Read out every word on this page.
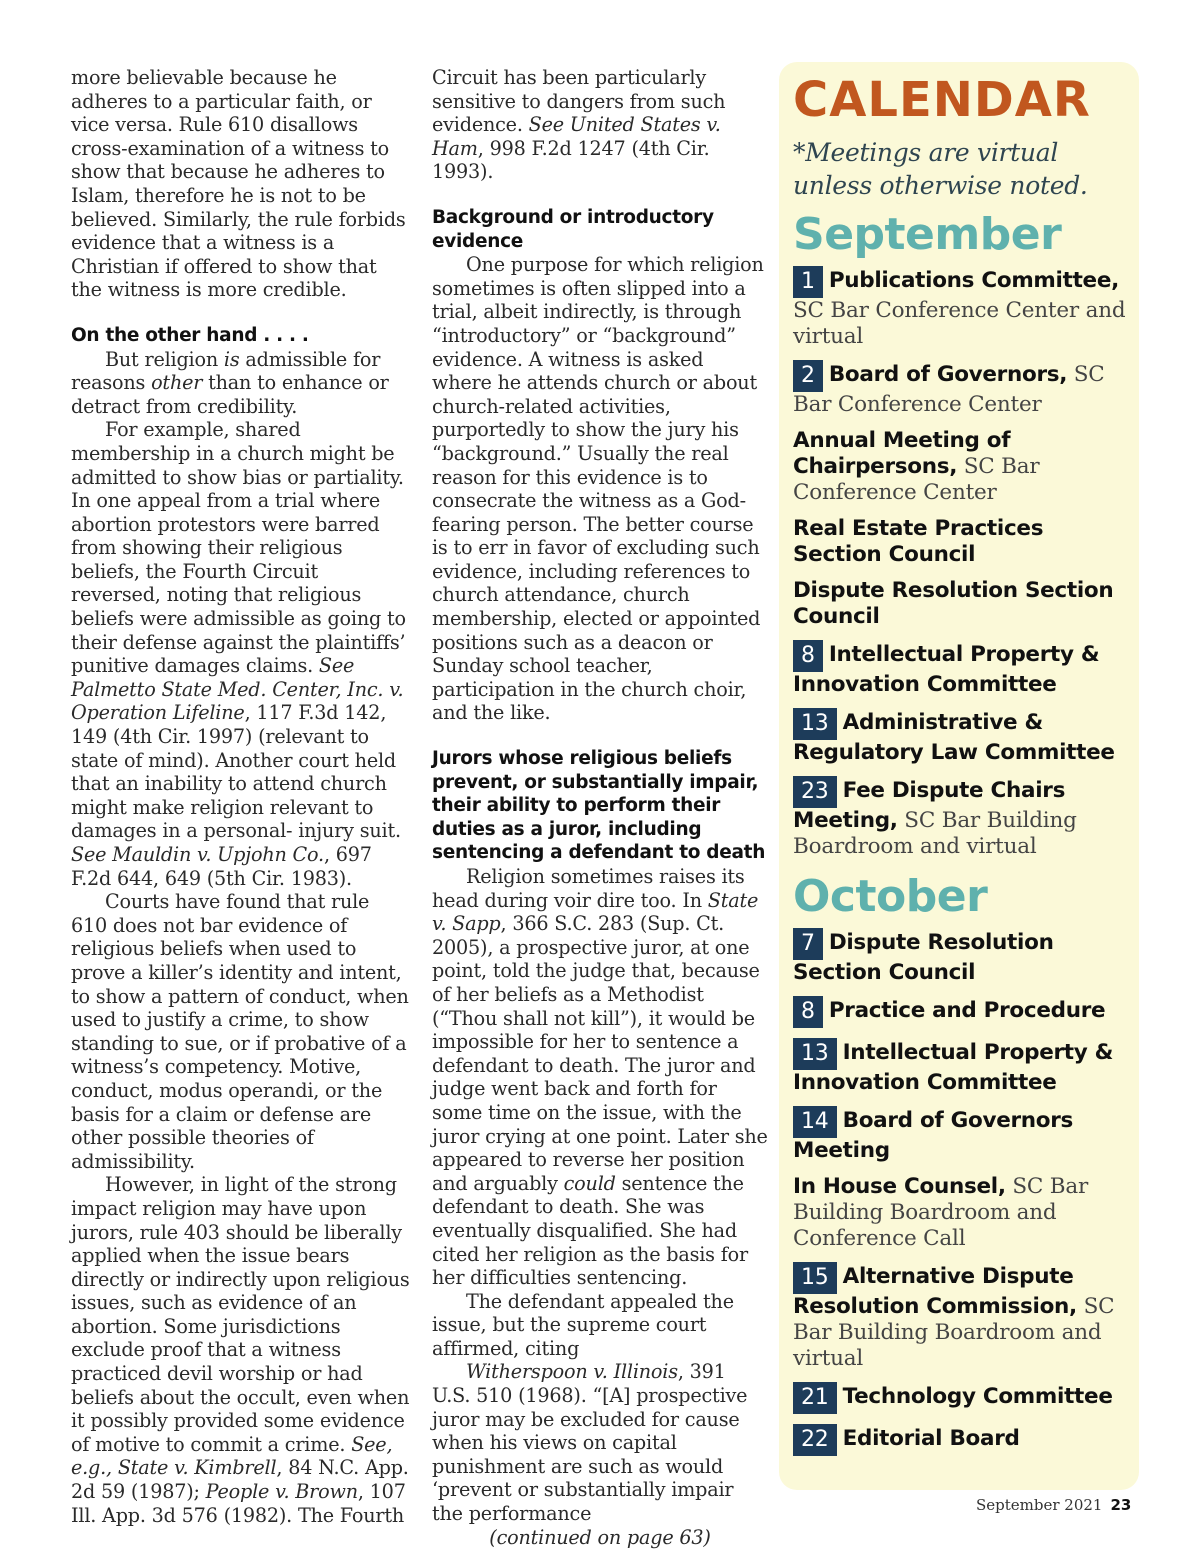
more believable because he adheres to a particular faith, or vice versa. Rule 610 disallows cross-examination of a witness to show that because he adheres to Islam, therefore he is not to be believed. Similarly, the rule forbids evidence that a witness is a Christian if offered to show that the witness is more credible.

On the other hand . . . .

But religion is admissible for reasons other than to enhance or detract from credibility.

For example, shared membership in a church might be admitted to show bias or partiality. In one appeal from a trial where abortion protestors were barred from showing their religious beliefs, the Fourth Circuit reversed, noting that religious beliefs were admissible as going to their defense against the plaintiffs’ punitive damages claims. See Palmetto State Med. Center, Inc. v. Operation Lifeline, 117 F.3d 142, 149 (4th Cir. 1997) (relevant to state of mind). Another court held that an inability to attend church might make religion relevant to damages in a personal- injury suit. See Mauldin v. Upjohn Co., 697 F.2d 644, 649 (5th Cir. 1983).

Courts have found that rule 610 does not bar evidence of religious beliefs when used to prove a killer’s identity and intent, to show a pattern of conduct, when used to justify a crime, to show standing to sue, or if probative of a witness’s competency. Motive, conduct, modus operandi, or the basis for a claim or defense are other possible theories of admissibility.

However, in light of the strong impact religion may have upon jurors, rule 403 should be liberally applied when the issue bears directly or indirectly upon religious issues, such as evidence of an abortion. Some jurisdictions exclude proof that a witness practiced devil worship or had beliefs about the occult, even when it possibly provided some evidence of motive to commit a crime. See, e.g., State v. Kimbrell, 84 N.C. App. 2d 59 (1987); People v. Brown, 107 Ill. App. 3d 576 (1982). The Fourth

Circuit has been particularly sensitive to dangers from such evidence. See United States v. Ham, 998 F.2d 1247 (4th Cir. 1993).

Background or introductory evidence

One purpose for which religion sometimes is often slipped into a trial, albeit indirectly, is through “introductory” or “background” evidence. A witness is asked where he attends church or about church-related activities, purportedly to show the jury his “background.” Usually the real reason for this evidence is to consecrate the witness as a God-fearing person. The better course is to err in favor of excluding such evidence, including references to church attendance, church membership, elected or appointed positions such as a deacon or Sunday school teacher, participation in the church choir, and the like.

Jurors whose religious beliefs prevent, or substantially impair, their ability to perform their duties as a juror, including sentencing a defendant to death

Religion sometimes raises its head during voir dire too. In State v. Sapp, 366 S.C. 283 (Sup. Ct. 2005), a prospective juror, at one point, told the judge that, because of her beliefs as a Methodist (“Thou shall not kill”), it would be impossible for her to sentence a defendant to death. The juror and judge went back and forth for some time on the issue, with the juror crying at one point. Later she appeared to reverse her position and arguably could sentence the defendant to death. She was eventually disqualified. She had cited her religion as the basis for her difficulties sentencing.

The defendant appealed the issue, but the supreme court affirmed, citing

Witherspoon v. Illinois, 391 U.S. 510 (1968). “[A] prospective juror may be excluded for cause when his views on capital punishment are such as would ‘prevent or substantially impair the performance

(continued on page 63)

CALENDAR
*Meetings are virtual unless otherwise noted.
September

1 Publications Committee, SC Bar Conference Center and virtual

2 Board of Governors, SC Bar Conference Center

Annual Meeting of Chairpersons, SC Bar Conference Center

Real Estate Practices Section Council

Dispute Resolution Section Council

8 Intellectual Property & Innovation Committee

13 Administrative & Regulatory Law Committee

23 Fee Dispute Chairs Meeting, SC Bar Building Boardroom and virtual

October

7 Dispute Resolution Section Council

8 Practice and Procedure

13 Intellectual Property & Innovation Committee

14 Board of Governors Meeting

In House Counsel, SC Bar Building Boardroom and Conference Call

15 Alternative Dispute Resolution Commission, SC Bar Building Boardroom and virtual

21 Technology Committee

22 Editorial Board

September 2021 23
